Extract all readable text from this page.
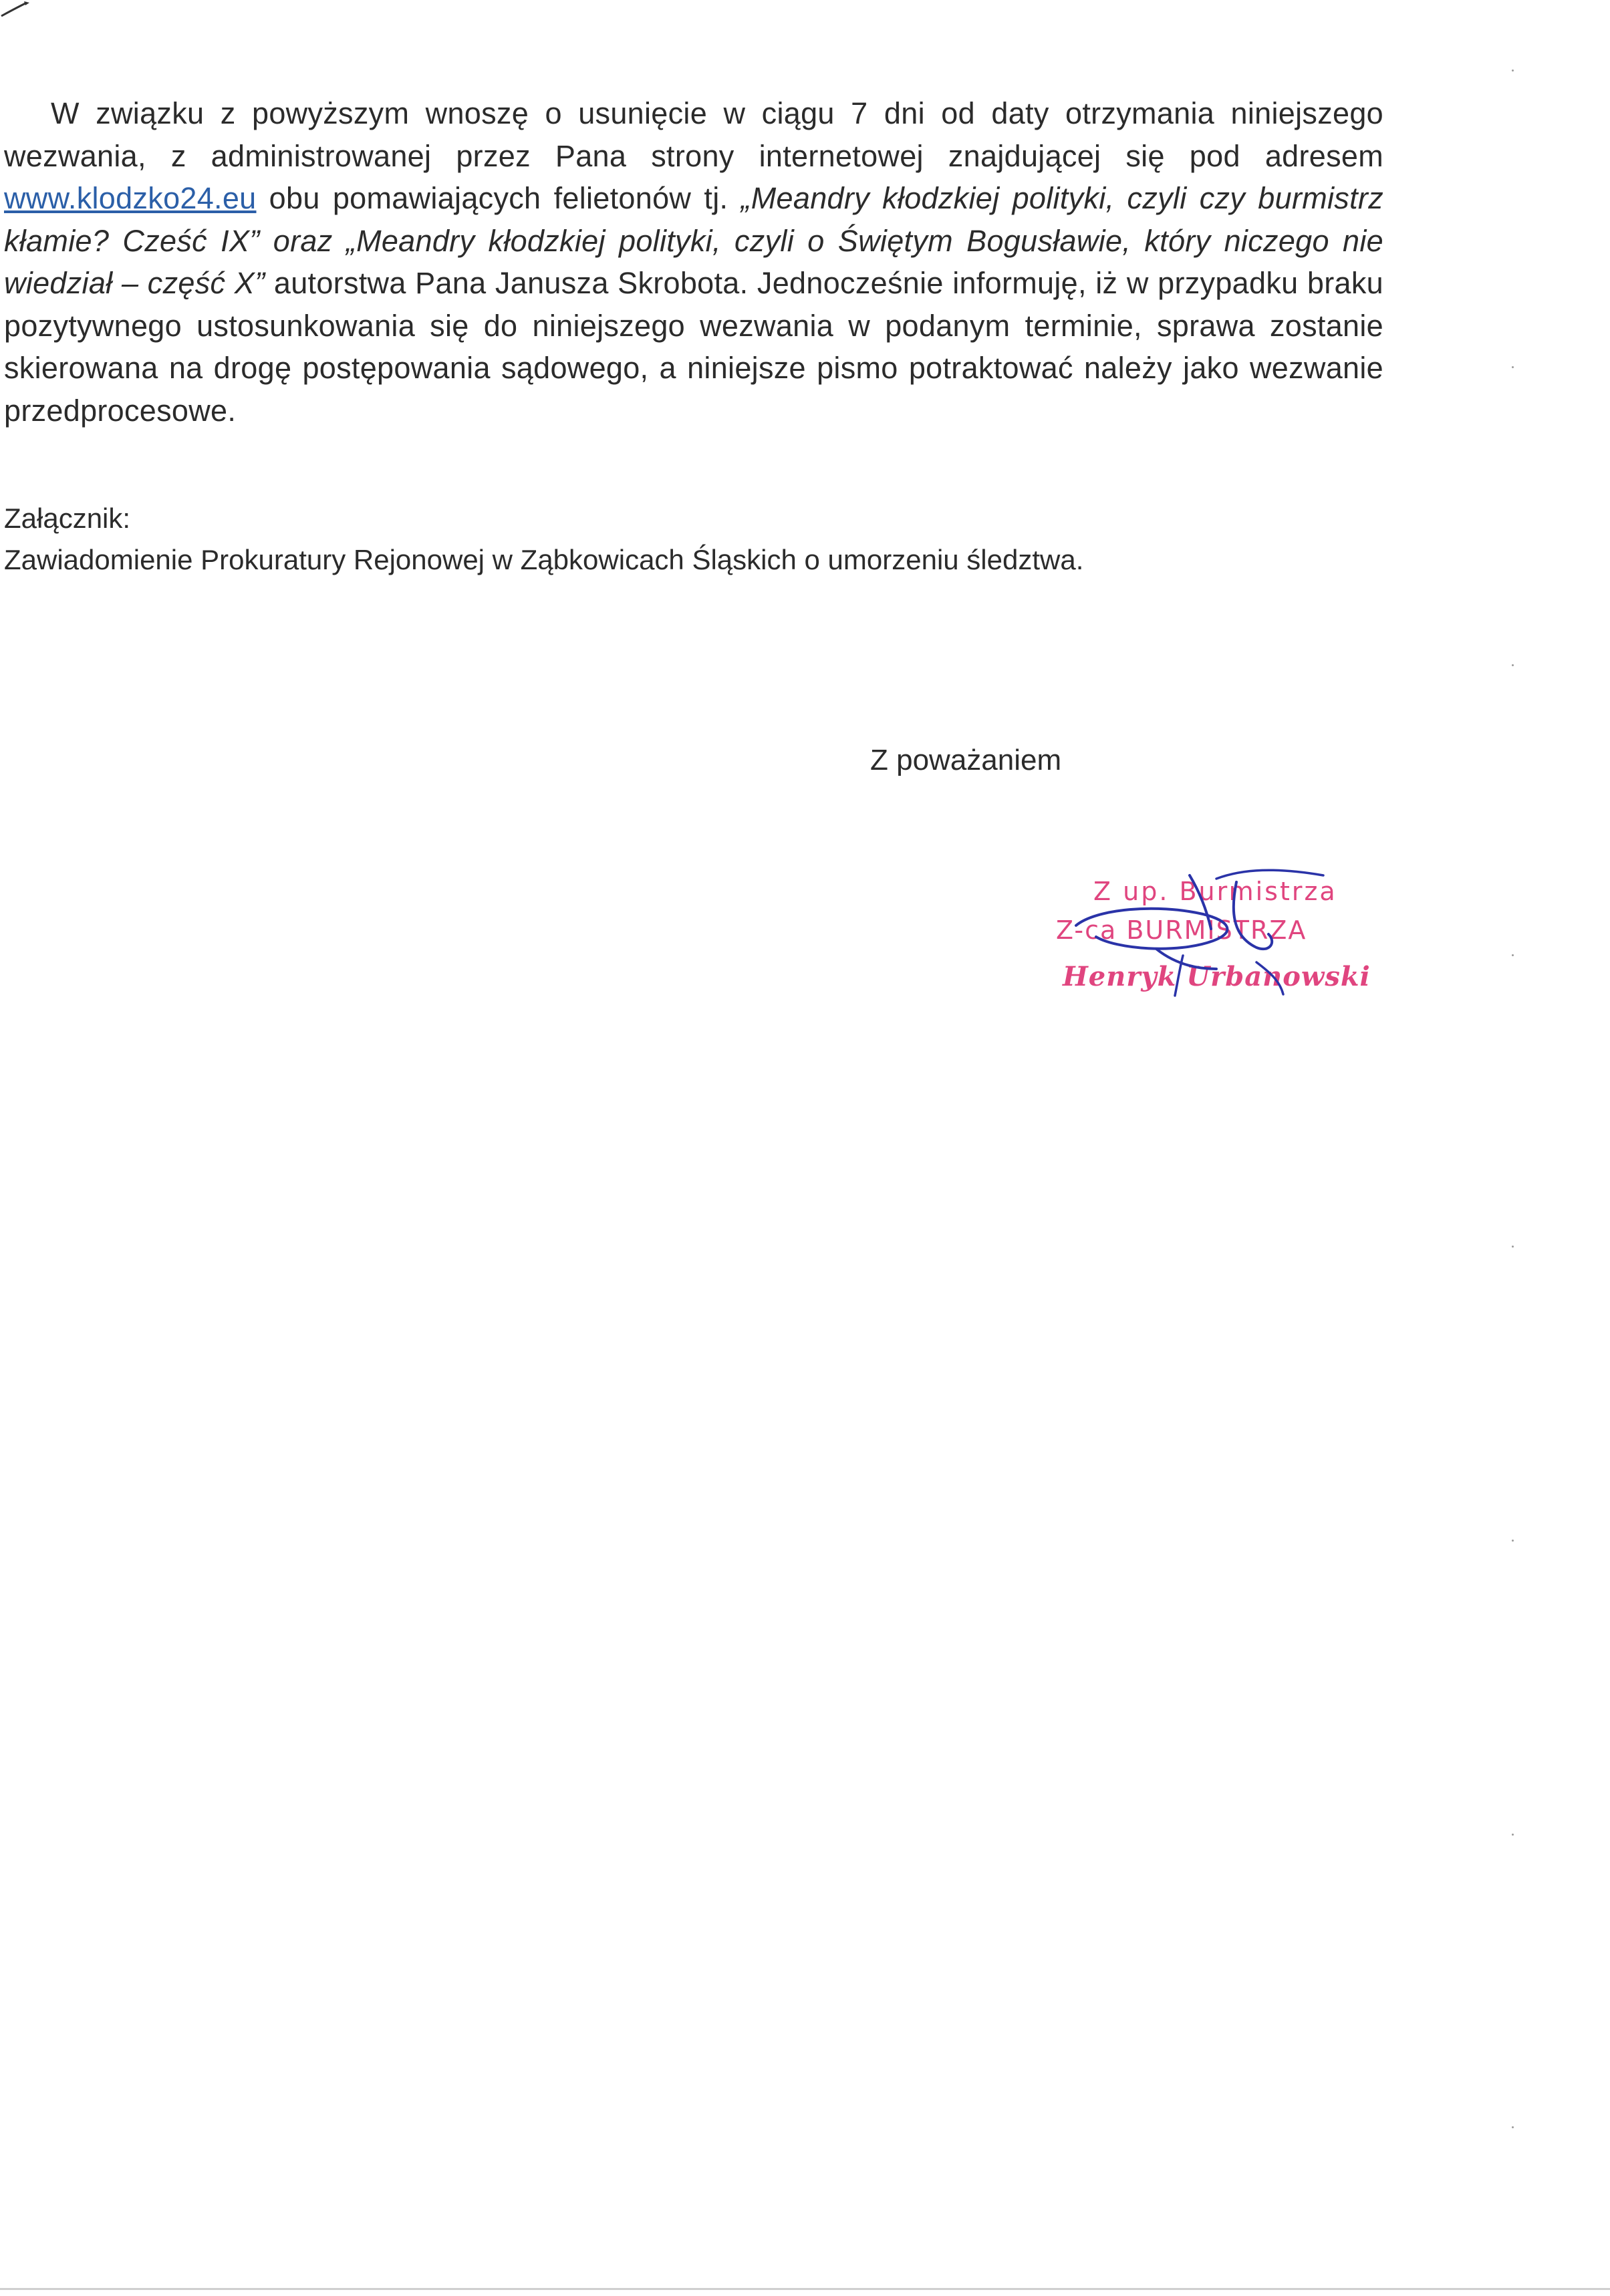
W związku z powyższym wnoszę o usunięcie w ciągu 7 dni od daty otrzymania niniejszego
wezwania, z administrowanej przez Pana strony internetowej znajdującej się pod adresem
www.klodzko24.eu obu pomawiających felietonów tj. „Meandry kłodzkiej polityki, czyli czy burmistrz
kłamie? Cześć IX” oraz „Meandry kłodzkiej polityki, czyli o Świętym Bogusławie, który niczego nie
wiedział – część X” autorstwa Pana Janusza Skrobota. Jednocześnie informuję, iż w przypadku braku
pozytywnego ustosunkowania się do niniejszego wezwania w podanym terminie, sprawa zostanie
skierowana na drogę postępowania sądowego, a niniejsze pismo potraktować należy jako wezwanie
przedprocesowe.
Załącznik:
Zawiadomienie Prokuratury Rejonowej w Ząbkowicach Śląskich o umorzeniu śledztwa.
Z poważaniem
Z up. Burmistrza
Z-ca BURMISTRZA
Henryk Urbanowski
